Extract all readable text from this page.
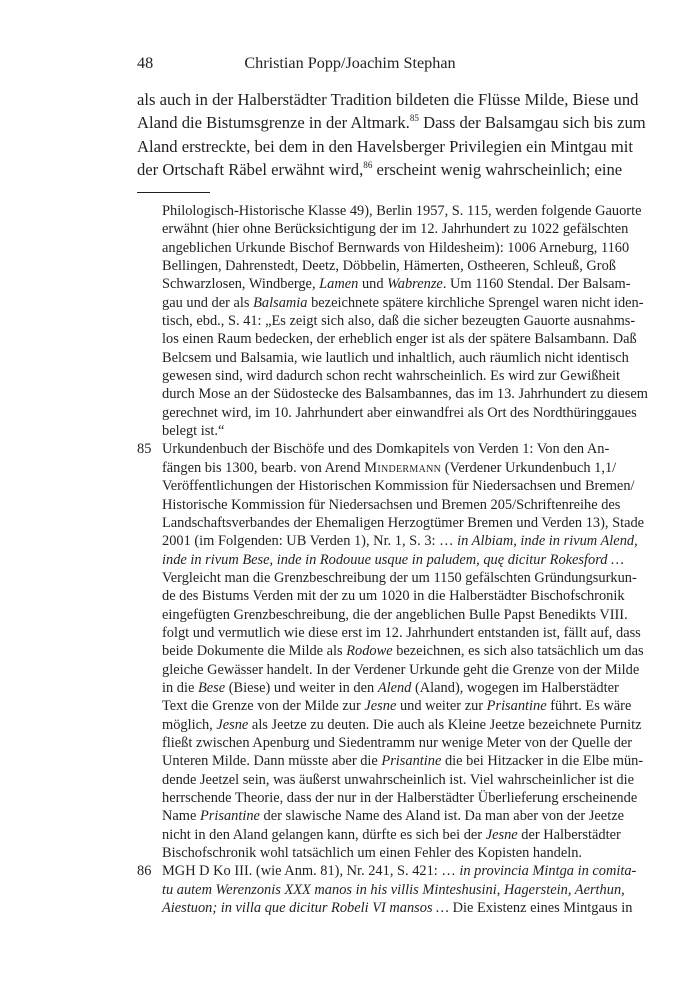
48	Christian Popp/Joachim Stephan
als auch in der Halberstädter Tradition bildeten die Flüsse Milde, Biese und
Aland die Bistumsgrenze in der Altmark.$^{85}$ Dass der Balsamgau sich bis zum
Aland erstreckte, bei dem in den Havelsberger Privilegien ein Mintgau mit
der Ortschaft Räbel erwähnt wird,$^{86}$ erscheint wenig wahrscheinlich; eine
Philologisch-Historische Klasse 49), Berlin 1957, S. 115, werden folgende Gauorte
erwähnt (hier ohne Berücksichtigung der im 12. Jahrhundert zu 1022 gefälschten
angeblichen Urkunde Bischof Bernwards von Hildesheim): 1006 Arneburg, 1160
Bellingen, Dahrenstedt, Deetz, Döbbelin, Hämerten, Ostheeren, Schleuß, Groß
Schwarzlosen, Windberge, Lamen und Wabrenze. Um 1160 Stendal. Der Balsam-
gau und der als Balsamia bezeichnete spätere kirchliche Sprengel waren nicht iden-
tisch, ebd., S. 41: „Es zeigt sich also, daß die sicher bezeugten Gauorte ausnahms-
los einen Raum bedecken, der erheblich enger ist als der spätere Balsambann. Daß
Belcsem und Balsamia, wie lautlich und inhaltlich, auch räumlich nicht identisch
gewesen sind, wird dadurch schon recht wahrscheinlich. Es wird zur Gewißheit
durch Mose an der Südostecke des Balsambannes, das im 13. Jahrhundert zu diesem
gerechnet wird, im 10. Jahrhundert aber einwandfrei als Ort des Nordthüringgaues
belegt ist.“
85 Urkundenbuch der Bischöfe und des Domkapitels von Verden 1: Von den An-
fängen bis 1300, bearb. von Arend Mindermann (Verdener Urkundenbuch 1,1/
Veröffentlichungen der Historischen Kommission für Niedersachsen und Bremen/
Historische Kommission für Niedersachsen und Bremen 205/Schriftenreihe des
Landschaftsverbandes der Ehemaligen Herzogtümer Bremen und Verden 13), Stade
2001 (im Folgenden: UB Verden 1), Nr. 1, S. 3: … in Albiam, inde in rivum Alend,
inde in rivum Bese, inde in Rodouue usque in paludem, quę dicitur Rokesford …
Vergleicht man die Grenzbeschreibung der um 1150 gefälschten Gründungsurkun-
de des Bistums Verden mit der zu um 1020 in die Halberstädter Bischofschronik
eingefügten Grenzbeschreibung, die der angeblichen Bulle Papst Benedikts VIII.
folgt und vermutlich wie diese erst im 12. Jahrhundert entstanden ist, fällt auf, dass
beide Dokumente die Milde als Rodowe bezeichnen, es sich also tatsächlich um das
gleiche Gewässer handelt. In der Verdener Urkunde geht die Grenze von der Milde
in die Bese (Biese) und weiter in den Alend (Aland), wogegen im Halberstädter
Text die Grenze von der Milde zur Jesne und weiter zur Prisantine führt. Es wäre
möglich, Jesne als Jeetze zu deuten. Die auch als Kleine Jeetze bezeichnete Purnitz
fließt zwischen Apenburg und Siedentramm nur wenige Meter von der Quelle der
Unteren Milde. Dann müsste aber die Prisantine die bei Hitzacker in die Elbe mün-
dende Jeetzel sein, was äußerst unwahrscheinlich ist. Viel wahrscheinlicher ist die
herrschende Theorie, dass der nur in der Halberstädter Überlieferung erscheinende
Name Prisantine der slawische Name des Aland ist. Da man aber von der Jeetze
nicht in den Aland gelangen kann, dürfte es sich bei der Jesne der Halberstädter
Bischofschronik wohl tatsächlich um einen Fehler des Kopisten handeln.
86 MGH D Ko III. (wie Anm. 81), Nr. 241, S. 421: … in provincia Mintga in comita-
tu autem Werenzonis XXX manos in his villis Minteshusini, Hagerstein, Aerthun,
Aiestuon; in villa que dicitur Robeli VI mansos … Die Existenz eines Mintgaus in
